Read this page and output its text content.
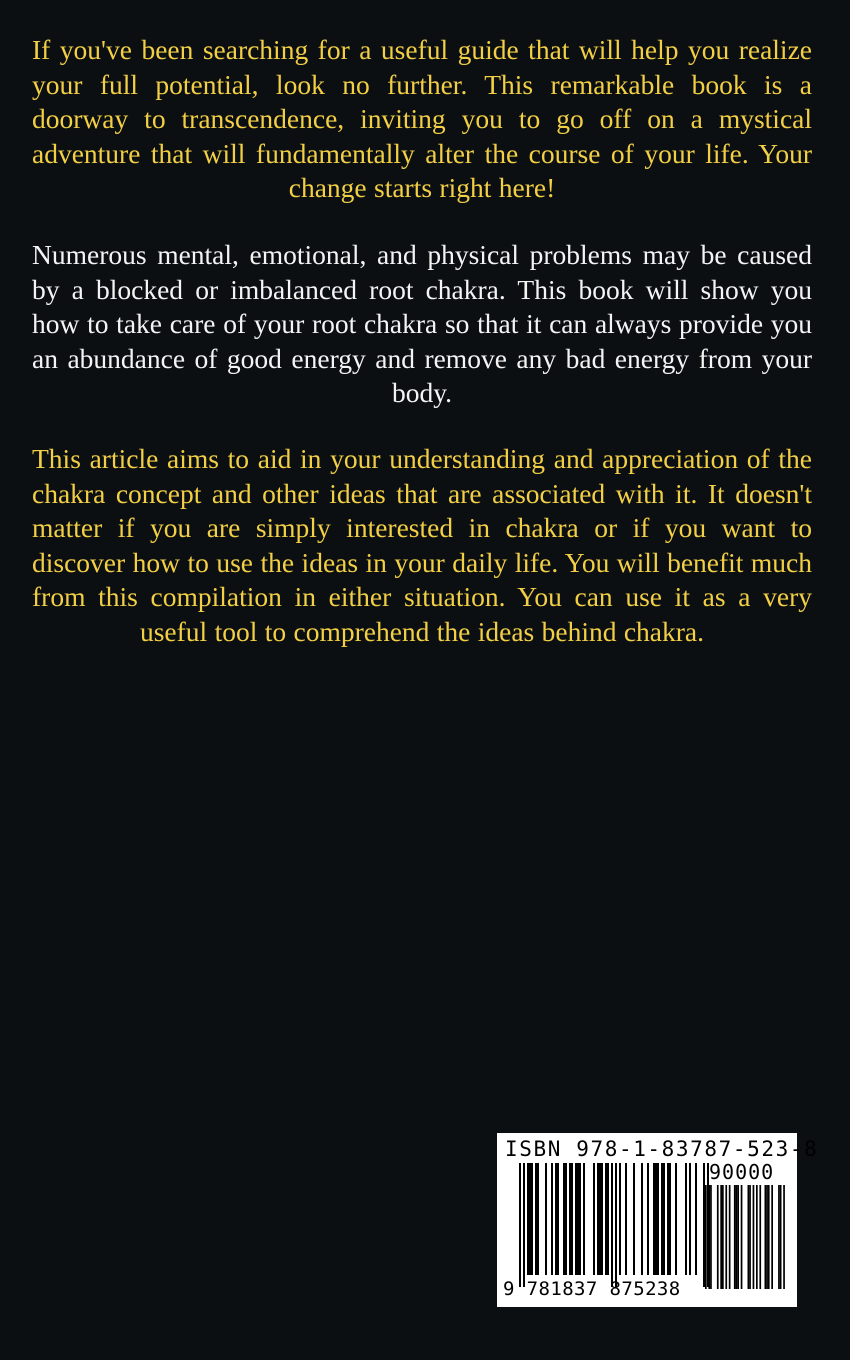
If you've been searching for a useful guide that will help you realize your full potential, look no further. This remarkable book is a doorway to transcendence, inviting you to go off on a mystical adventure that will fundamentally alter the course of your life. Your change starts right here!

Numerous mental, emotional, and physical problems may be caused by a blocked or imbalanced root chakra. This book will show you how to take care of your root chakra so that it can always provide you an abundance of good energy and remove any bad energy from your body.

This article aims to aid in your understanding and appreciation of the chakra concept and other ideas that are associated with it. It doesn't matter if you are simply interested in chakra or if you want to discover how to use the ideas in your daily life. You will benefit much from this compilation in either situation. You can use it as a very useful tool to comprehend the ideas behind chakra.

ISBN 978-1-83787-523-8
90000
9 781837 875238
